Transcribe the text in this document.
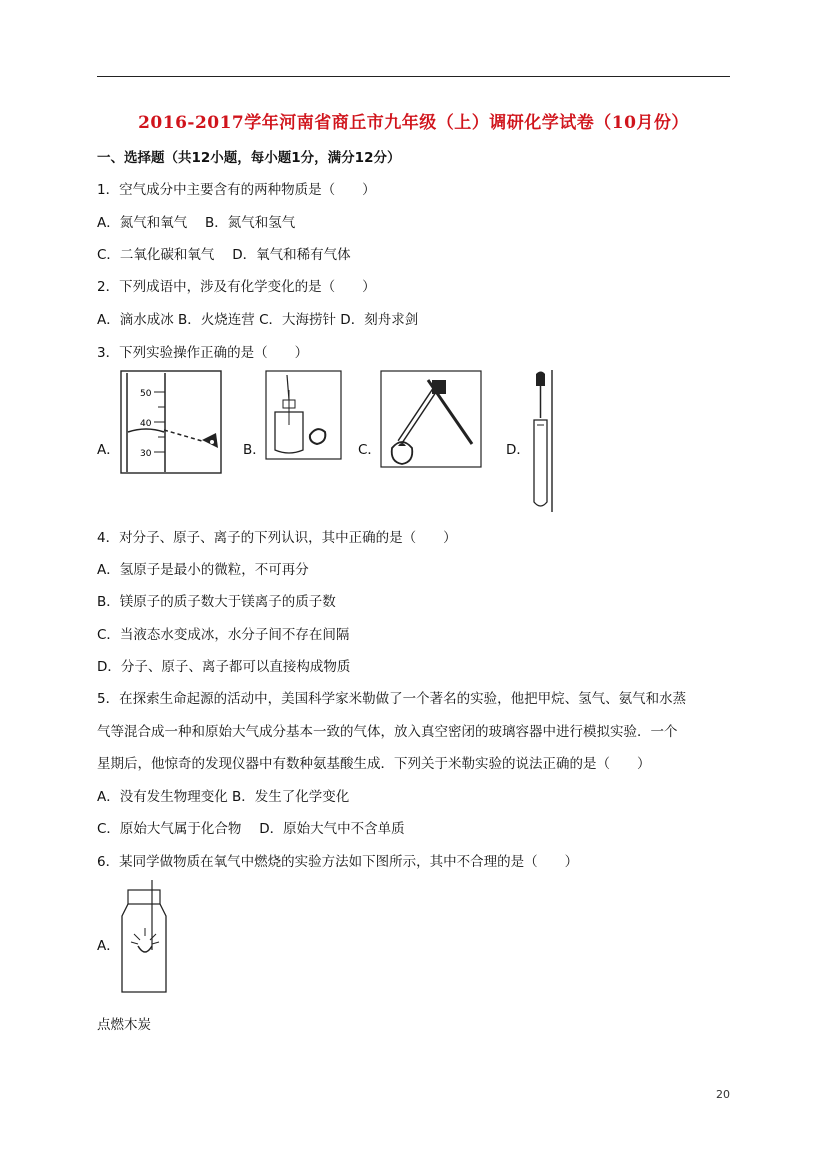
2016-2017学年河南省商丘市九年级（上）调研化学试卷（10月份）
一、选择题（共12小题，每小题1分，满分12分）
1．空气成分中主要含有的两种物质是（　　）
A．氮气和氧气　 B．氮气和氢气
C．二氧化碳和氧气　 D．氧气和稀有气体
2．下列成语中，涉及有化学变化的是（　　）
A．滴水成冰 B．火烧连营 C．大海捞针 D．刻舟求剑
3．下列实验操作正确的是（　　）
A．
50
40
30	B．	C．	D．
4．对分子、原子、离子的下列认识，其中正确的是（　　）
A．氢原子是最小的微粒，不可再分
B．镁原子的质子数大于镁离子的质子数
C．当液态水变成冰，水分子间不存在间隔
D．分子、原子、离子都可以直接构成物质
5．在探索生命起源的活动中，美国科学家米勒做了一个著名的实验，他把甲烷、氢气、氨气和水蒸
气等混合成一种和原始大气成分基本一致的气体，放入真空密闭的玻璃容器中进行模拟实验．一个
星期后，他惊奇的发现仪器中有数种氨基酸生成．下列关于米勒实验的说法正确的是（　　）
A．没有发生物理变化 B．发生了化学变化
C．原始大气属于化合物　 D．原始大气中不含单质
6．某同学做物质在氧气中燃烧的实验方法如下图所示，其中不合理的是（　　）
A．
点燃木炭
20
